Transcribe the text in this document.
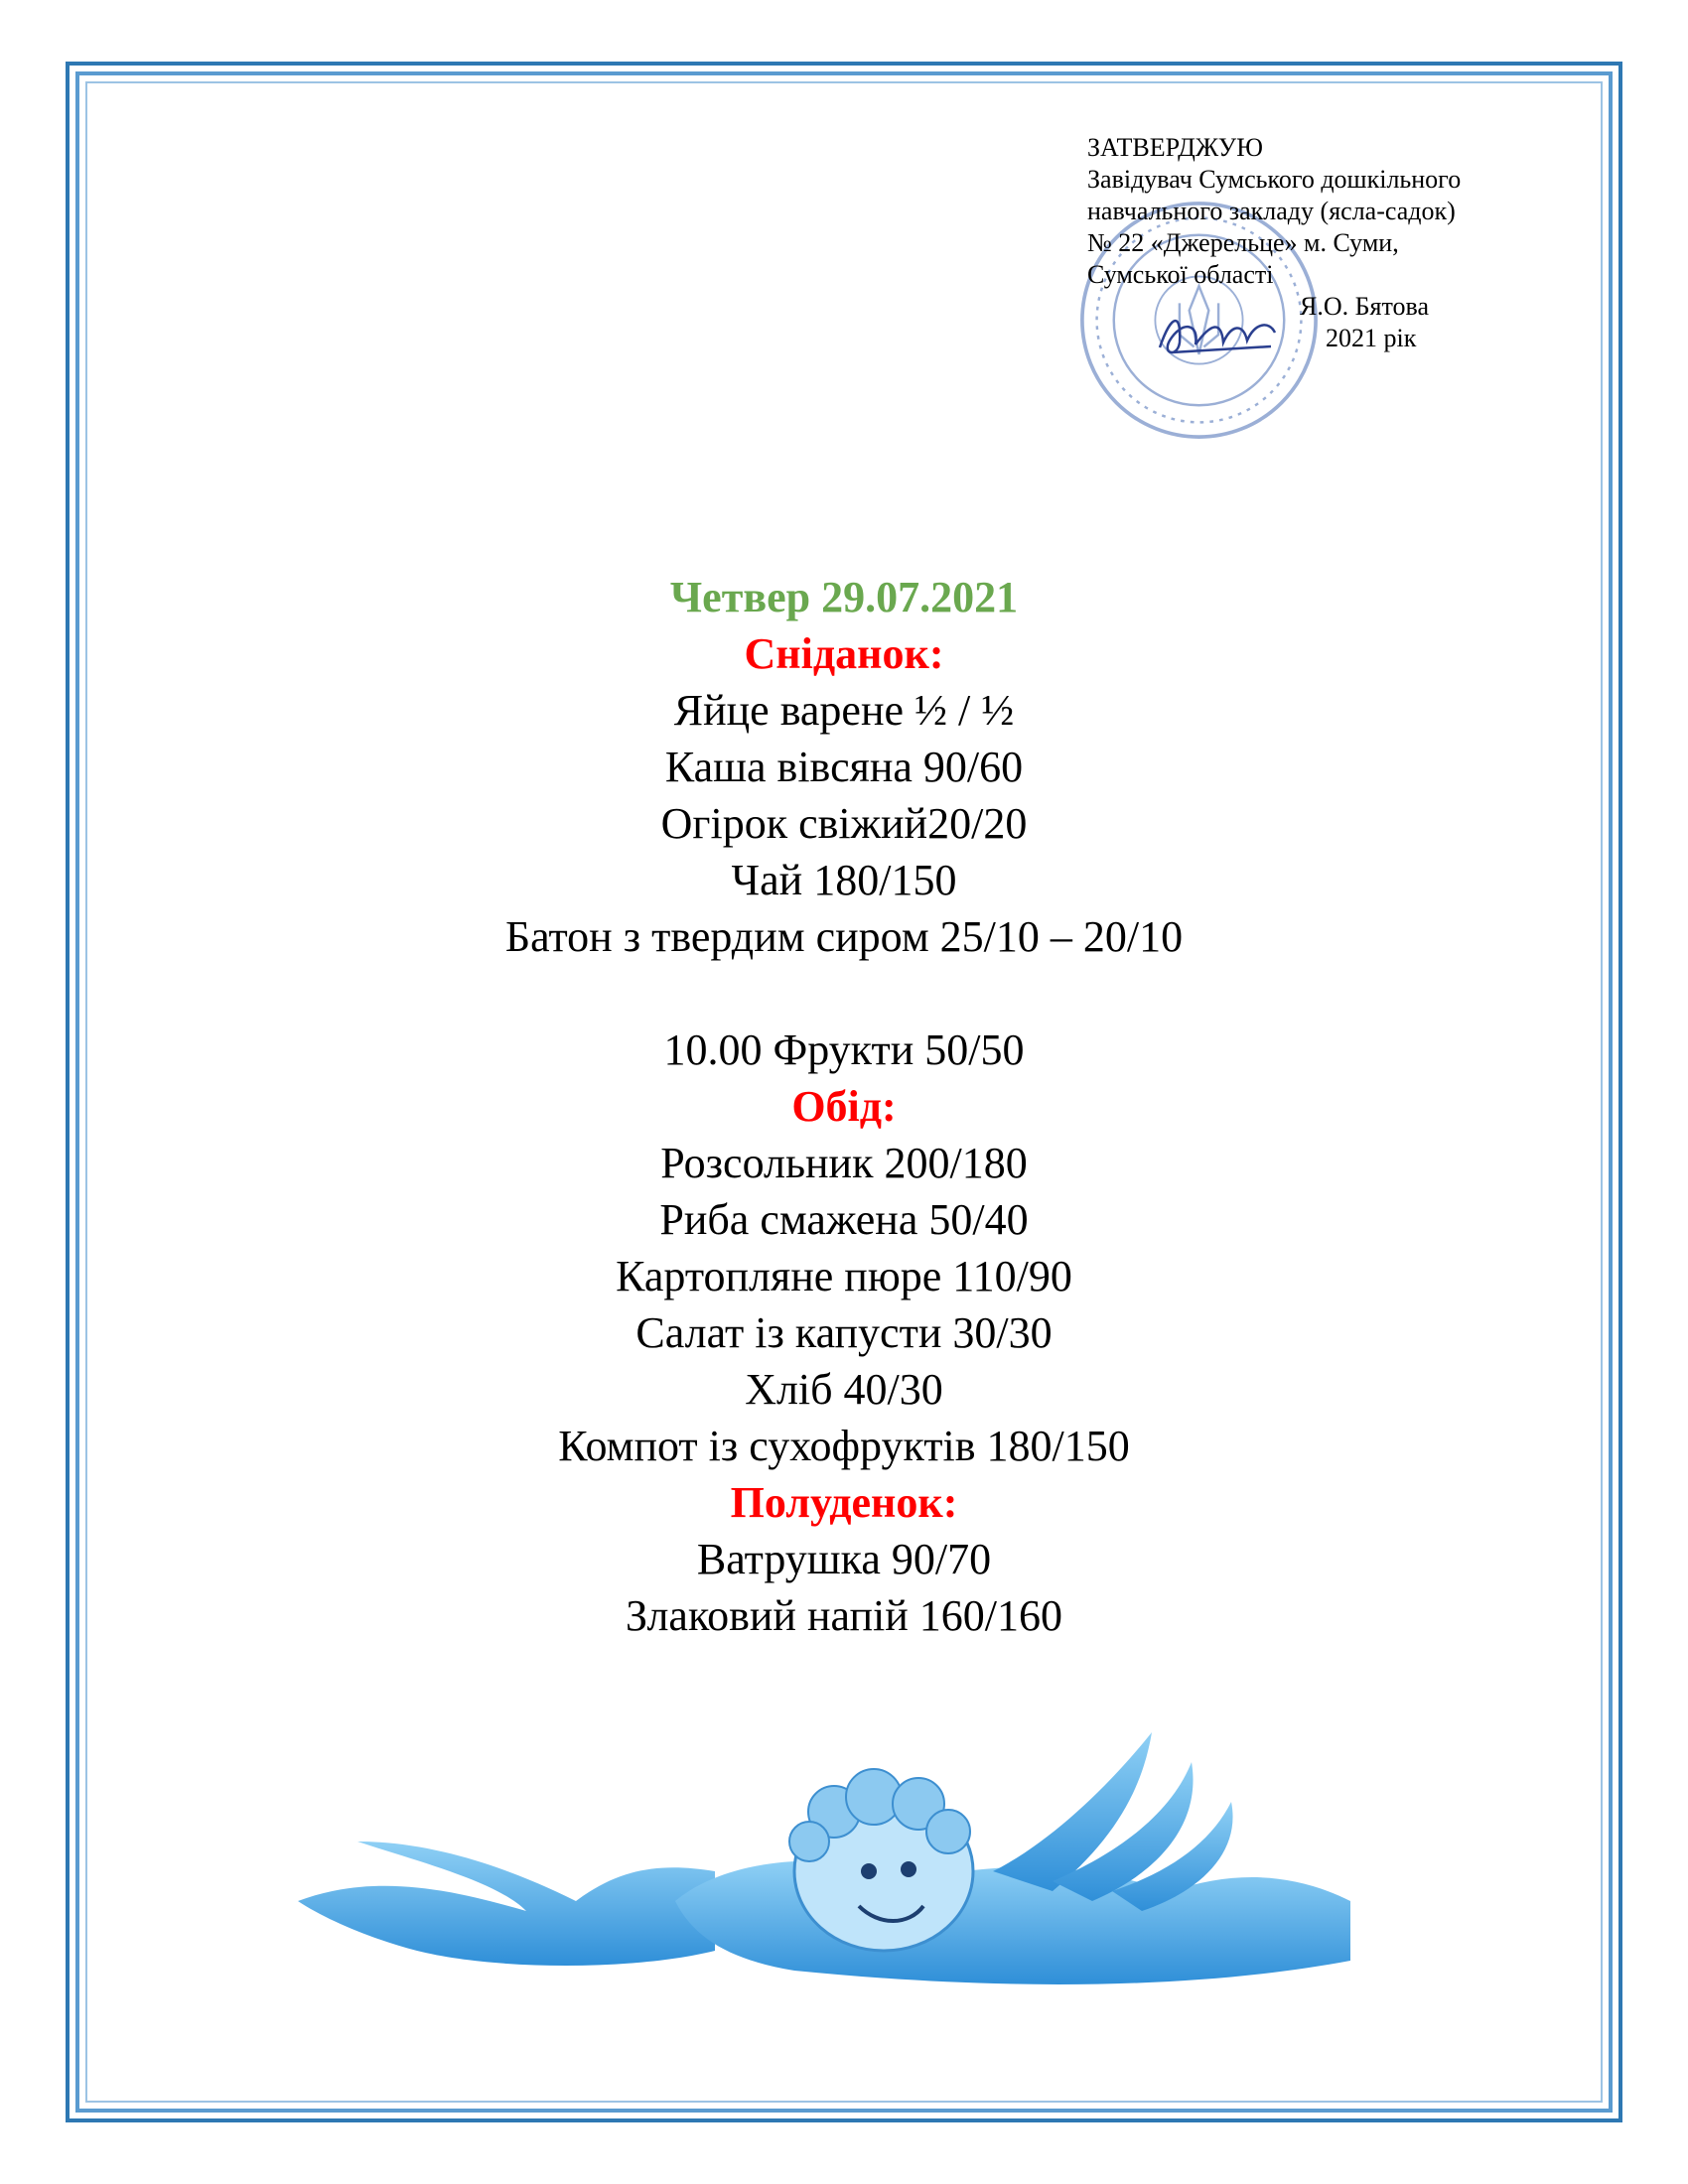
ЗАТВЕРДЖУЮ
Завідувач Сумського дошкільного
навчального закладу (ясла-садок)
№ 22 «Джерельце» м. Суми,
Сумської області
Я.О. Бятова
2021 рік
Четвер 29.07.2021
Сніданок:
Яйце варене ½ / ½
Каша вівсяна 90/60
Огірок свіжий20/20
Чай 180/150
Батон з твердим сиром 25/10 – 20/10
10.00 Фрукти 50/50
Обід:
Розсольник 200/180
Риба смажена 50/40
Картопляне пюре 110/90
Салат із капусти 30/30
Хліб 40/30
Компот із сухофруктів 180/150
Полуденок:
Ватрушка 90/70
Злаковий напій 160/160
